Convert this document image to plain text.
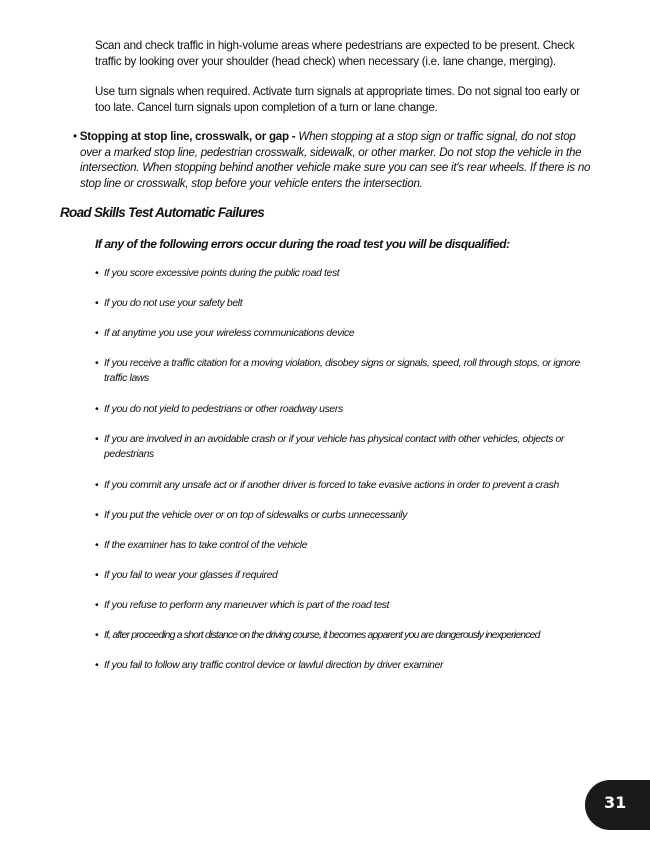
Scan and check traffic in high-volume areas where pedestrians are expected to be present. Check traffic by looking over your shoulder (head check) when necessary (i.e. lane change, merging).

Use turn signals when required. Activate turn signals at appropriate times. Do not signal too early or too late. Cancel turn signals upon completion of a turn or lane change.

• Stopping at stop line, crosswalk, or gap - When stopping at a stop sign or traffic signal, do not stop
over a marked stop line, pedestrian crosswalk, sidewalk, or other marker. Do not stop the vehicle in the intersection. When stopping behind another vehicle make sure you can see it's rear wheels. If there is no stop line or crosswalk, stop before your vehicle enters the intersection.

Road Skills Test Automatic Failures

If any of the following errors occur during the road test you will be disqualified:

• If you score excessive points during the public road test
• If you do not use your safety belt
• If at anytime you use your wireless communications device
• If you receive a traffic citation for a moving violation, disobey signs or signals, speed, roll through stops, or ignore traffic laws
• If you do not yield to pedestrians or other roadway users
• If you are involved in an avoidable crash or if your vehicle has physical contact with other vehicles, objects or pedestrians
• If you commit any unsafe act or if another driver is forced to take evasive actions in order to prevent a crash
• If you put the vehicle over or on top of sidewalks or curbs unnecessarily
• If the examiner has to take control of the vehicle
• If you fail to wear your glasses if required
• If you refuse to perform any maneuver which is part of the road test
• If, after proceeding a short distance on the driving course, it becomes apparent you are dangerously inexperienced
• If you fail to follow any traffic control device or lawful direction by driver examiner

31
